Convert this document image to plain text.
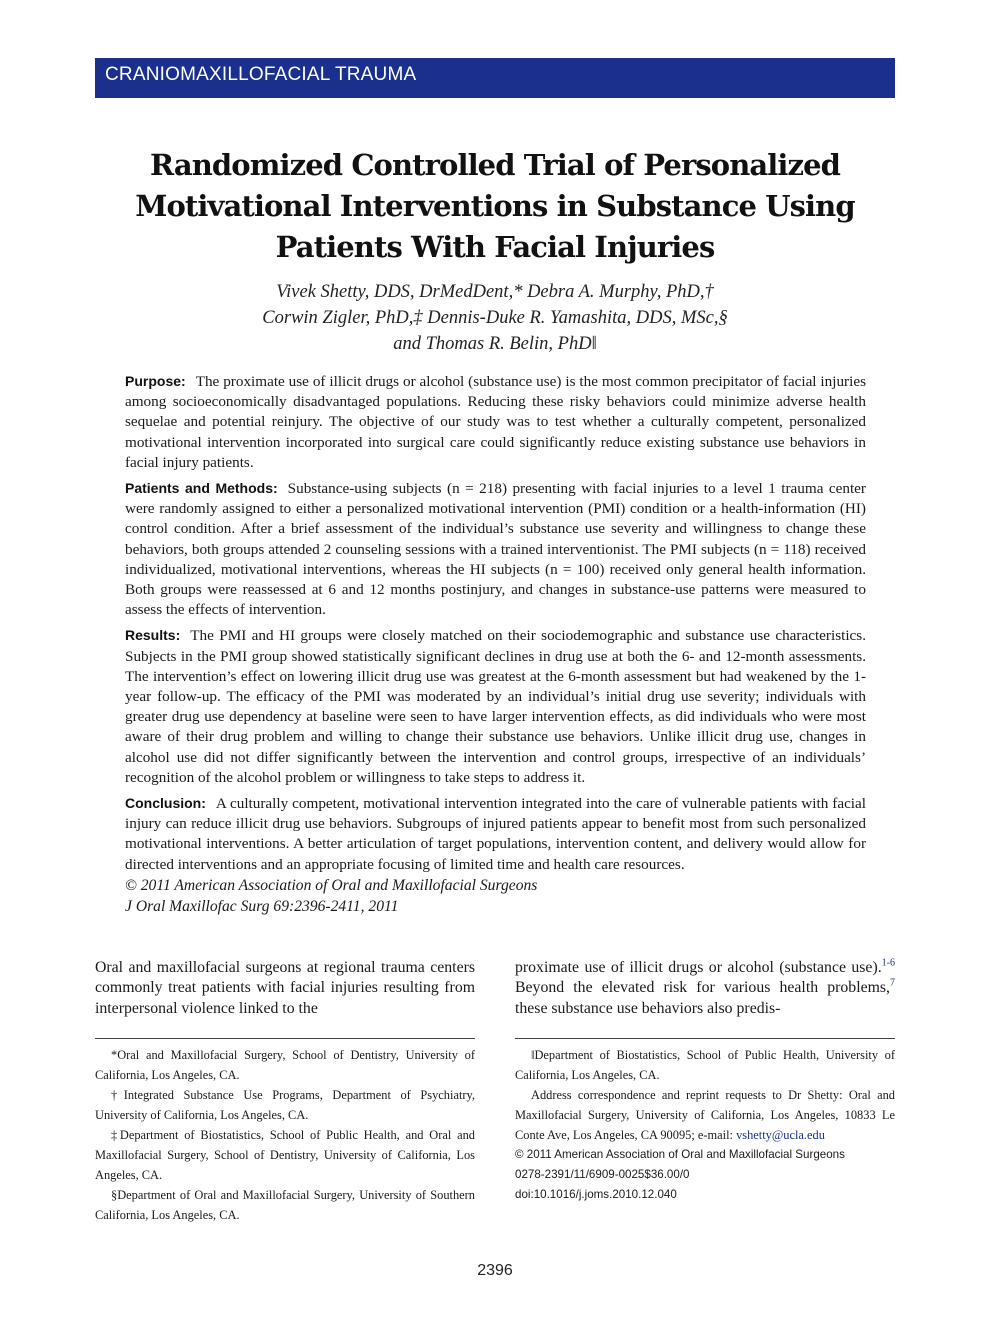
CRANIOMAXILLOFACIAL TRAUMA
Randomized Controlled Trial of Personalized Motivational Interventions in Substance Using Patients With Facial Injuries
Vivek Shetty, DDS, DrMedDent,* Debra A. Murphy, PhD,†
Corwin Zigler, PhD,‡ Dennis-Duke R. Yamashita, DDS, MSc,§
and Thomas R. Belin, PhD‖

Purpose: The proximate use of illicit drugs or alcohol (substance use) is the most common precipitator of facial injuries among socioeconomically disadvantaged populations. Reducing these risky behaviors could minimize adverse health sequelae and potential reinjury. The objective of our study was to test whether a culturally competent, personalized motivational intervention incorporated into surgical care could significantly reduce existing substance use behaviors in facial injury patients.

Patients and Methods: Substance-using subjects (n = 218) presenting with facial injuries to a level 1 trauma center were randomly assigned to either a personalized motivational intervention (PMI) condition or a health-information (HI) control condition. After a brief assessment of the individual’s substance use severity and willingness to change these behaviors, both groups attended 2 counseling sessions with a trained interventionist. The PMI subjects (n = 118) received individualized, motivational interventions, whereas the HI subjects (n = 100) received only general health information. Both groups were reassessed at 6 and 12 months postinjury, and changes in substance-use patterns were measured to assess the effects of intervention.

Results: The PMI and HI groups were closely matched on their sociodemographic and substance use characteristics. Subjects in the PMI group showed statistically significant declines in drug use at both the 6- and 12-month assessments. The intervention’s effect on lowering illicit drug use was greatest at the 6-month assessment but had weakened by the 1-year follow-up. The efficacy of the PMI was moderated by an individual’s initial drug use severity; individuals with greater drug use dependency at baseline were seen to have larger intervention effects, as did individuals who were most aware of their drug problem and willing to change their substance use behaviors. Unlike illicit drug use, changes in alcohol use did not differ significantly between the intervention and control groups, irrespective of an individuals’ recognition of the alcohol problem or willingness to take steps to address it.

Conclusion: A culturally competent, motivational intervention integrated into the care of vulnerable patients with facial injury can reduce illicit drug use behaviors. Subgroups of injured patients appear to benefit most from such personalized motivational interventions. A better articulation of target populations, intervention content, and delivery would allow for directed interventions and an appropriate focusing of limited time and health care resources.

© 2011 American Association of Oral and Maxillofacial Surgeons
J Oral Maxillofac Surg 69:2396-2411, 2011
Oral and maxillofacial surgeons at regional trauma centers commonly treat patients with facial injuries resulting from interpersonal violence linked to the
proximate use of illicit drugs or alcohol (substance use).$^{1-6}$ Beyond the elevated risk for various health problems,$^7$ these substance use behaviors also predis-

*Oral and Maxillofacial Surgery, School of Dentistry, University of California, Los Angeles, CA.

†Integrated Substance Use Programs, Department of Psychiatry, University of California, Los Angeles, CA.

‡Department of Biostatistics, School of Public Health, and Oral and Maxillofacial Surgery, School of Dentistry, University of California, Los Angeles, CA.

§Department of Oral and Maxillofacial Surgery, University of Southern California, Los Angeles, CA.

‖Department of Biostatistics, School of Public Health, University of California, Los Angeles, CA.

Address correspondence and reprint requests to Dr Shetty: Oral and Maxillofacial Surgery, University of California, Los Angeles, 10833 Le Conte Ave, Los Angeles, CA 90095; e-mail: vshetty@ucla.edu

© 2011 American Association of Oral and Maxillofacial Surgeons

0278-2391/11/6909-0025$36.00/0

doi:10.1016/j.joms.2010.12.040

2396
